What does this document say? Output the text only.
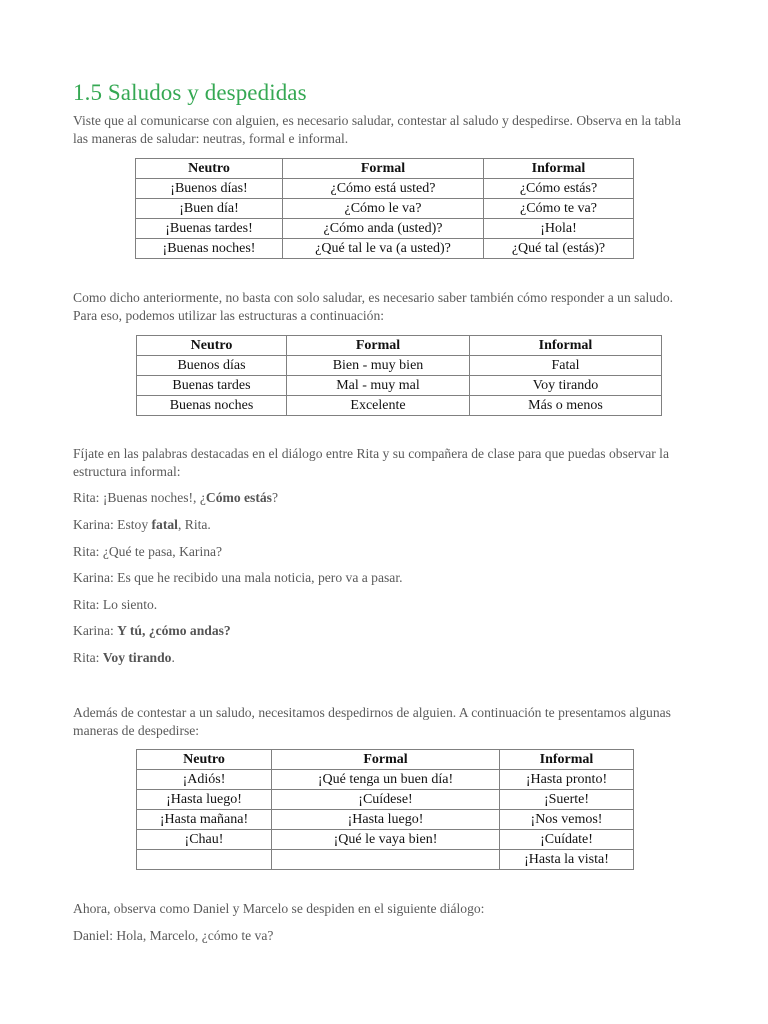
1.5 Saludos y despedidas

Viste que al comunicarse con alguien, es necesario saludar, contestar al saludo y despedirse. Observa en la tabla las maneras de saludar: neutras, formal e informal.

Neutro	Formal	Informal
¡Buenos días!	¿Cómo está usted?	¿Cómo estás?
¡Buen día!	¿Cómo le va?	¿Cómo te va?
¡Buenas tardes!	¿Cómo anda (usted)?	¡Hola!
¡Buenas noches!	¿Qué tal le va (a usted)?	¿Qué tal (estás)?

Como dicho anteriormente, no basta con solo saludar, es necesario saber también cómo responder a un saludo. Para eso, podemos utilizar las estructuras a continuación:

Neutro	Formal	Informal
Buenos días	Bien - muy bien	Fatal
Buenas tardes	Mal - muy mal	Voy tirando
Buenas noches	Excelente	Más o menos

Fíjate en las palabras destacadas en el diálogo entre Rita y su compañera de clase para que puedas observar la estructura informal:

Rita: ¡Buenas noches!, ¿Cómo estás?

Karina: Estoy fatal, Rita.

Rita: ¿Qué te pasa, Karina?

Karina: Es que he recibido una mala noticia, pero va a pasar.

Rita: Lo siento.

Karina: Y tú, ¿cómo andas?

Rita: Voy tirando.

Además de contestar a un saludo, necesitamos despedirnos de alguien. A continuación te presentamos algunas maneras de despedirse:

Neutro	Formal	Informal
¡Adiós!	¡Qué tenga un buen día!	¡Hasta pronto!
¡Hasta luego!	¡Cuídese!	¡Suerte!
¡Hasta mañana!	¡Hasta luego!	¡Nos vemos!
¡Chau!	¡Qué le vaya bien!	¡Cuídate!
		¡Hasta la vista!

Ahora, observa como Daniel y Marcelo se despiden en el siguiente diálogo:

Daniel: Hola, Marcelo, ¿cómo te va?
